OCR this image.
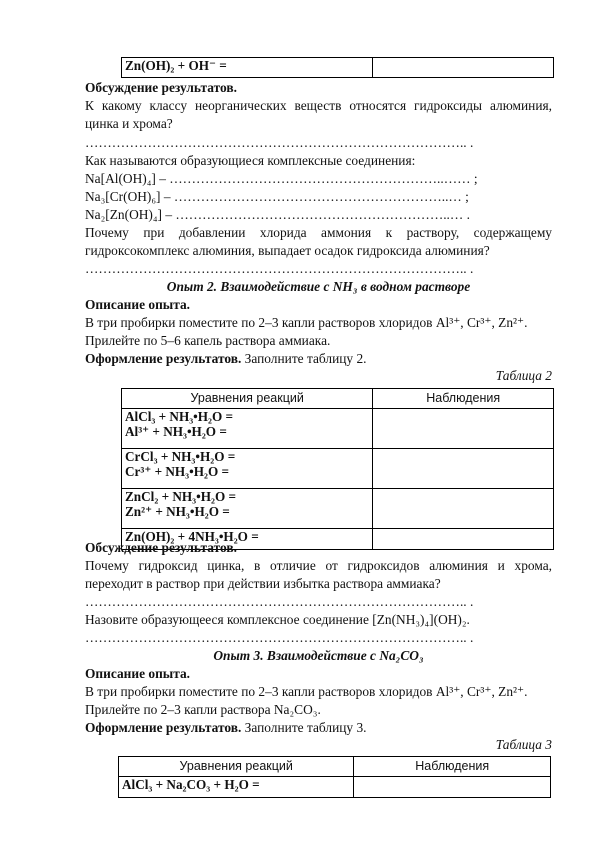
Zn(OH)₂ + OH⁻ =	
Обсуждение результатов.
К какому классу неорганических веществ относятся гидроксиды алюминия,
цинка и хрома?
………………………………………………………………………….. .
Как называются образующиеся комплексные соединения:
Na[Al(OH)₄] – ……………………………………………………..…… ;
Na₃[Cr(OH)₆] – ……………………………………………………..… ;
Na₂[Zn(OH)₄] – ……………………………………………………..… .
Почему при добавлении хлорида аммония к раствору, содержащему
гидроксокомплекс алюминия, выпадает осадок гидроксида алюминия?
………………………………………………………………………….. .
Опыт 2. Взаимодействие с NH₃ в водном растворе
Описание опыта.
В три пробирки поместите по 2–3 капли растворов хлоридов Al³⁺, Cr³⁺, Zn²⁺.
Прилейте по 5–6 капель раствора аммиака.
Оформление результатов. Заполните таблицу 2.
Таблица 2
Уравнения реакций	Наблюдения

AlCl₃ + NH₃•H₂O =
Al³⁺ + NH₃•H₂O =	

CrCl₃ + NH₃•H₂O =
Cr³⁺ + NH₃•H₂O =	

ZnCl₂ + NH₃•H₂O =
Zn²⁺ + NH₃•H₂O =	

Zn(OH)₂ + 4NH₃•H₂O =	

Обсуждение результатов.
Почему гидроксид цинка, в отличие от гидроксидов алюминия и хрома,
переходит в раствор при действии избытка раствора аммиака?
………………………………………………………………………….. .
Назовите образующееся комплексное соединение [Zn(NH₃)₄](OH)₂.
………………………………………………………………………….. .
Опыт 3. Взаимодействие с Na₂CO₃
Описание опыта.
В три пробирки поместите по 2–3 капли растворов хлоридов Al³⁺, Cr³⁺, Zn²⁺.
Прилейте по 2–3 капли раствора Na₂CO₃.
Оформление результатов. Заполните таблицу 3.
Таблица 3
Уравнения реакций	Наблюдения

AlCl₃ + Na₂CO₃ + H₂O =	
